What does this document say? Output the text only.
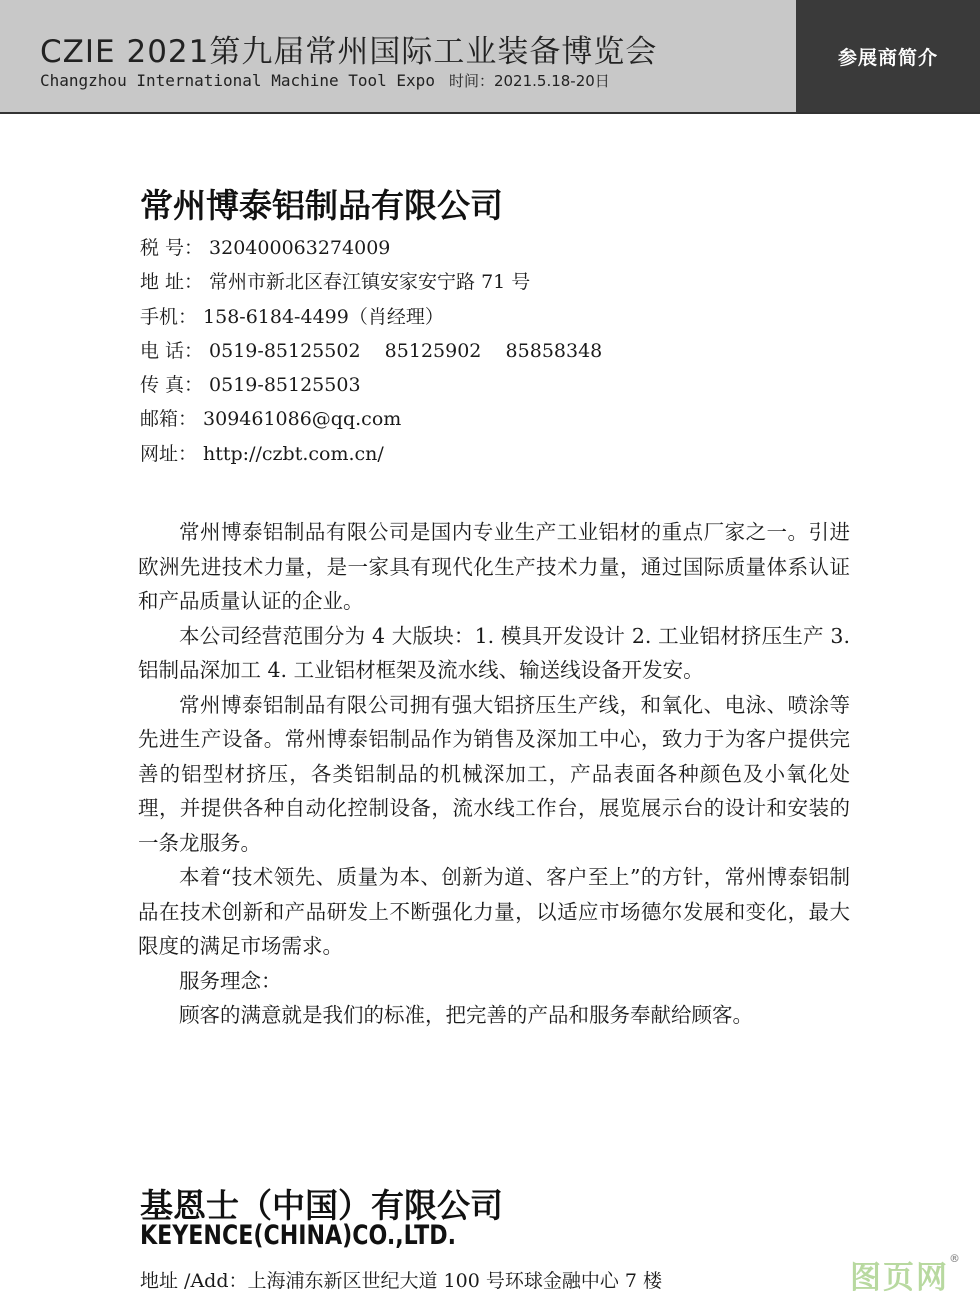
CZIE 2021第九届常州国际工业装备博览会
Changzhou International Machine Tool Expo 时间：2021.5.18-20日
参展商简介
常州博泰铝制品有限公司
税 号： 320400063274009
地 址： 常州市新北区春江镇安家安宁路 71 号
手机： 158-6184-4499（肖经理）
电 话： 0519-85125502    85125902    85858348
传 真： 0519-85125503
邮箱： 309461086@qq.com
网址： http://czbt.com.cn/

常州博泰铝制品有限公司是国内专业生产工业铝材的重点厂家之一。引进欧洲先进技术力量，是一家具有现代化生产技术力量，通过国际质量体系认证和产品质量认证的企业。

本公司经营范围分为 4 大版块：1. 模具开发设计 2. 工业铝材挤压生产 3. 铝制品深加工 4. 工业铝材框架及流水线、输送线设备开发安。

常州博泰铝制品有限公司拥有强大铝挤压生产线，和氧化、电泳、喷涂等先进生产设备。常州博泰铝制品作为销售及深加工中心，致力于为客户提供完善的铝型材挤压，各类铝制品的机械深加工，产品表面各种颜色及小氧化处理，并提供各种自动化控制设备，流水线工作台，展览展示台的设计和安装的一条龙服务。

本着“技术领先、质量为本、创新为道、客户至上”的方针，常州博泰铝制品在技术创新和产品研发上不断强化力量，以适应市场德尔发展和变化，最大限度的满足市场需求。

服务理念：

顾客的满意就是我们的标准，把完善的产品和服务奉献给顾客。

基恩士（中国）有限公司
KEYENCE(CHINA)CO.,LTD.
地址 /Add：上海浦东新区世纪大道 100 号环球金融中心 7 楼	图页网®
